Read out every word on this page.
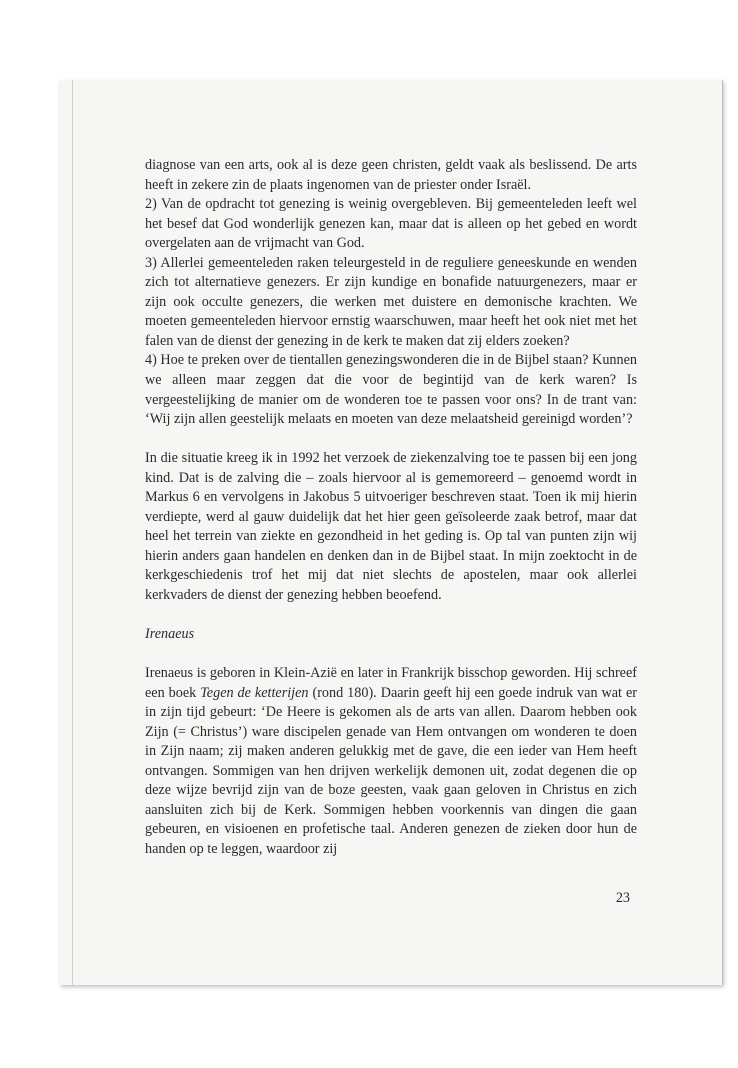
diagnose van een arts, ook al is deze geen christen, geldt vaak als beslissend. De arts heeft in zekere zin de plaats ingenomen van de priester onder Israël.

2) Van de opdracht tot genezing is weinig overgebleven. Bij gemeenteleden leeft wel het besef dat God wonderlijk genezen kan, maar dat is alleen op het gebed en wordt overgelaten aan de vrijmacht van God.

3) Allerlei gemeenteleden raken teleurgesteld in de reguliere geneeskunde en wenden zich tot alternatieve genezers. Er zijn kundige en bonafide natuurgenezers, maar er zijn ook occulte genezers, die werken met duistere en demonische krachten. We moeten gemeenteleden hiervoor ernstig waarschuwen, maar heeft het ook niet met het falen van de dienst der genezing in de kerk te maken dat zij elders zoeken?

4) Hoe te preken over de tientallen genezingswonderen die in de Bijbel staan? Kunnen we alleen maar zeggen dat die voor de begintijd van de kerk waren? Is vergeestelijking de manier om de wonderen toe te passen voor ons? In de trant van: ‘Wij zijn allen geestelijk melaats en moeten van deze melaatsheid gereinigd worden’?

In die situatie kreeg ik in 1992 het verzoek de ziekenzalving toe te passen bij een jong kind. Dat is de zalving die – zoals hiervoor al is gememoreerd – genoemd wordt in Markus 6 en vervolgens in Jakobus 5 uitvoeriger beschreven staat. Toen ik mij hierin verdiepte, werd al gauw duidelijk dat het hier geen geïsoleerde zaak betrof, maar dat heel het terrein van ziekte en gezondheid in het geding is. Op tal van punten zijn wij hierin anders gaan handelen en denken dan in de Bijbel staat. In mijn zoektocht in de kerkgeschiedenis trof het mij dat niet slechts de apostelen, maar ook allerlei kerkvaders de dienst der genezing hebben beoefend.

Irenaeus

Irenaeus is geboren in Klein-Azië en later in Frankrijk bisschop geworden. Hij schreef een boek Tegen de ketterijen (rond 180). Daarin geeft hij een goede indruk van wat er in zijn tijd gebeurt: ‘De Heere is gekomen als de arts van allen. Daarom hebben ook Zijn (= Christus’) ware discipelen genade van Hem ontvangen om wonderen te doen in Zijn naam; zij maken anderen gelukkig met de gave, die een ieder van Hem heeft ontvangen. Sommigen van hen drijven werkelijk demonen uit, zodat degenen die op deze wijze bevrijd zijn van de boze geesten, vaak gaan geloven in Christus en zich aansluiten zich bij de Kerk. Sommigen hebben voorkennis van dingen die gaan gebeuren, en visioenen en profetische taal. Anderen genezen de zieken door hun de handen op te leggen, waardoor zij

23
